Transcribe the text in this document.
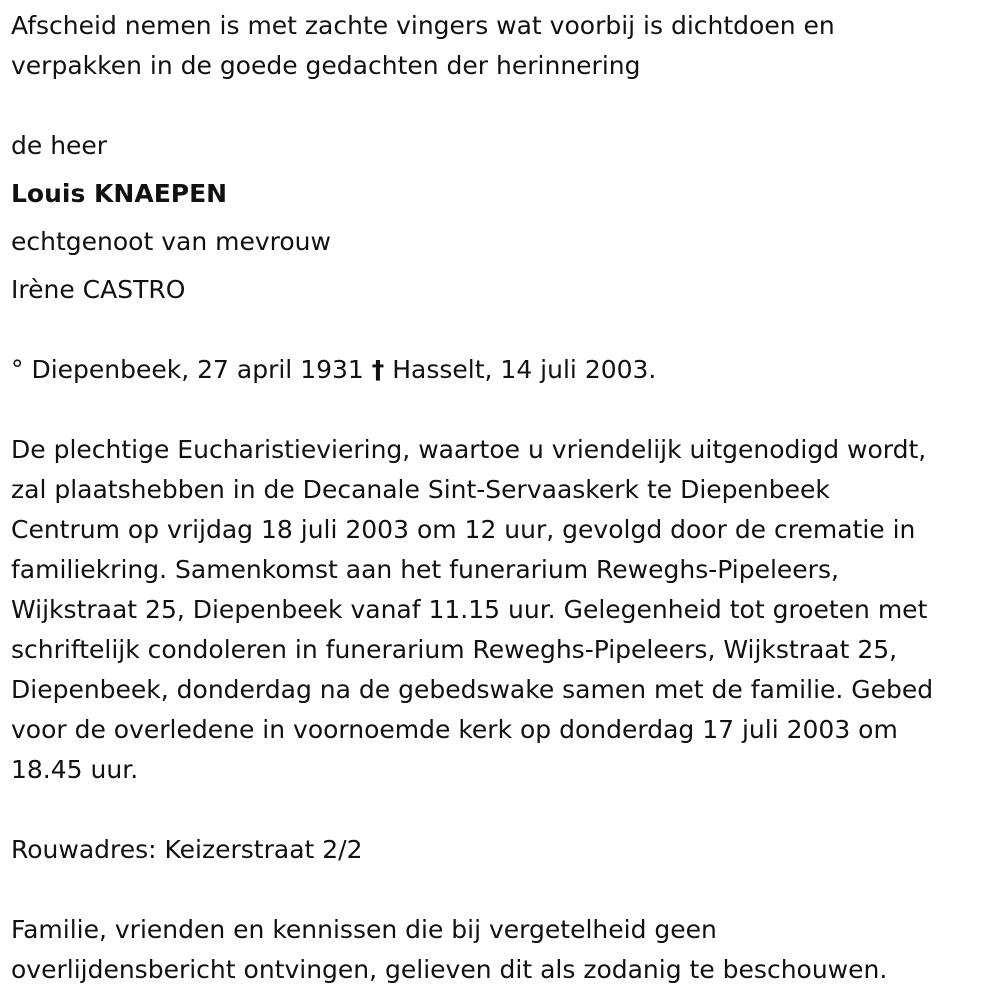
Afscheid nemen is met zachte vingers wat voorbij is dichtdoen en
verpakken in de goede gedachten der herinnering

de heer
Louis KNAEPEN
echtgenoot van mevrouw
Irène CASTRO

° Diepenbeek, 27 april 1931 † Hasselt, 14 juli 2003.

De plechtige Eucharistieviering, waartoe u vriendelijk uitgenodigd wordt,
zal plaatshebben in de Decanale Sint-Servaaskerk te Diepenbeek
Centrum op vrijdag 18 juli 2003 om 12 uur, gevolgd door de crematie in
familiekring. Samenkomst aan het funerarium Reweghs-Pipeleers,
Wijkstraat 25, Diepenbeek vanaf 11.15 uur. Gelegenheid tot groeten met
schriftelijk condoleren in funerarium Reweghs-Pipeleers, Wijkstraat 25,
Diepenbeek, donderdag na de gebedswake samen met de familie. Gebed
voor de overledene in voornoemde kerk op donderdag 17 juli 2003 om
18.45 uur.

Rouwadres: Keizerstraat 2/2

Familie, vrienden en kennissen die bij vergetelheid geen
overlijdensbericht ontvingen, gelieven dit als zodanig te beschouwen.
